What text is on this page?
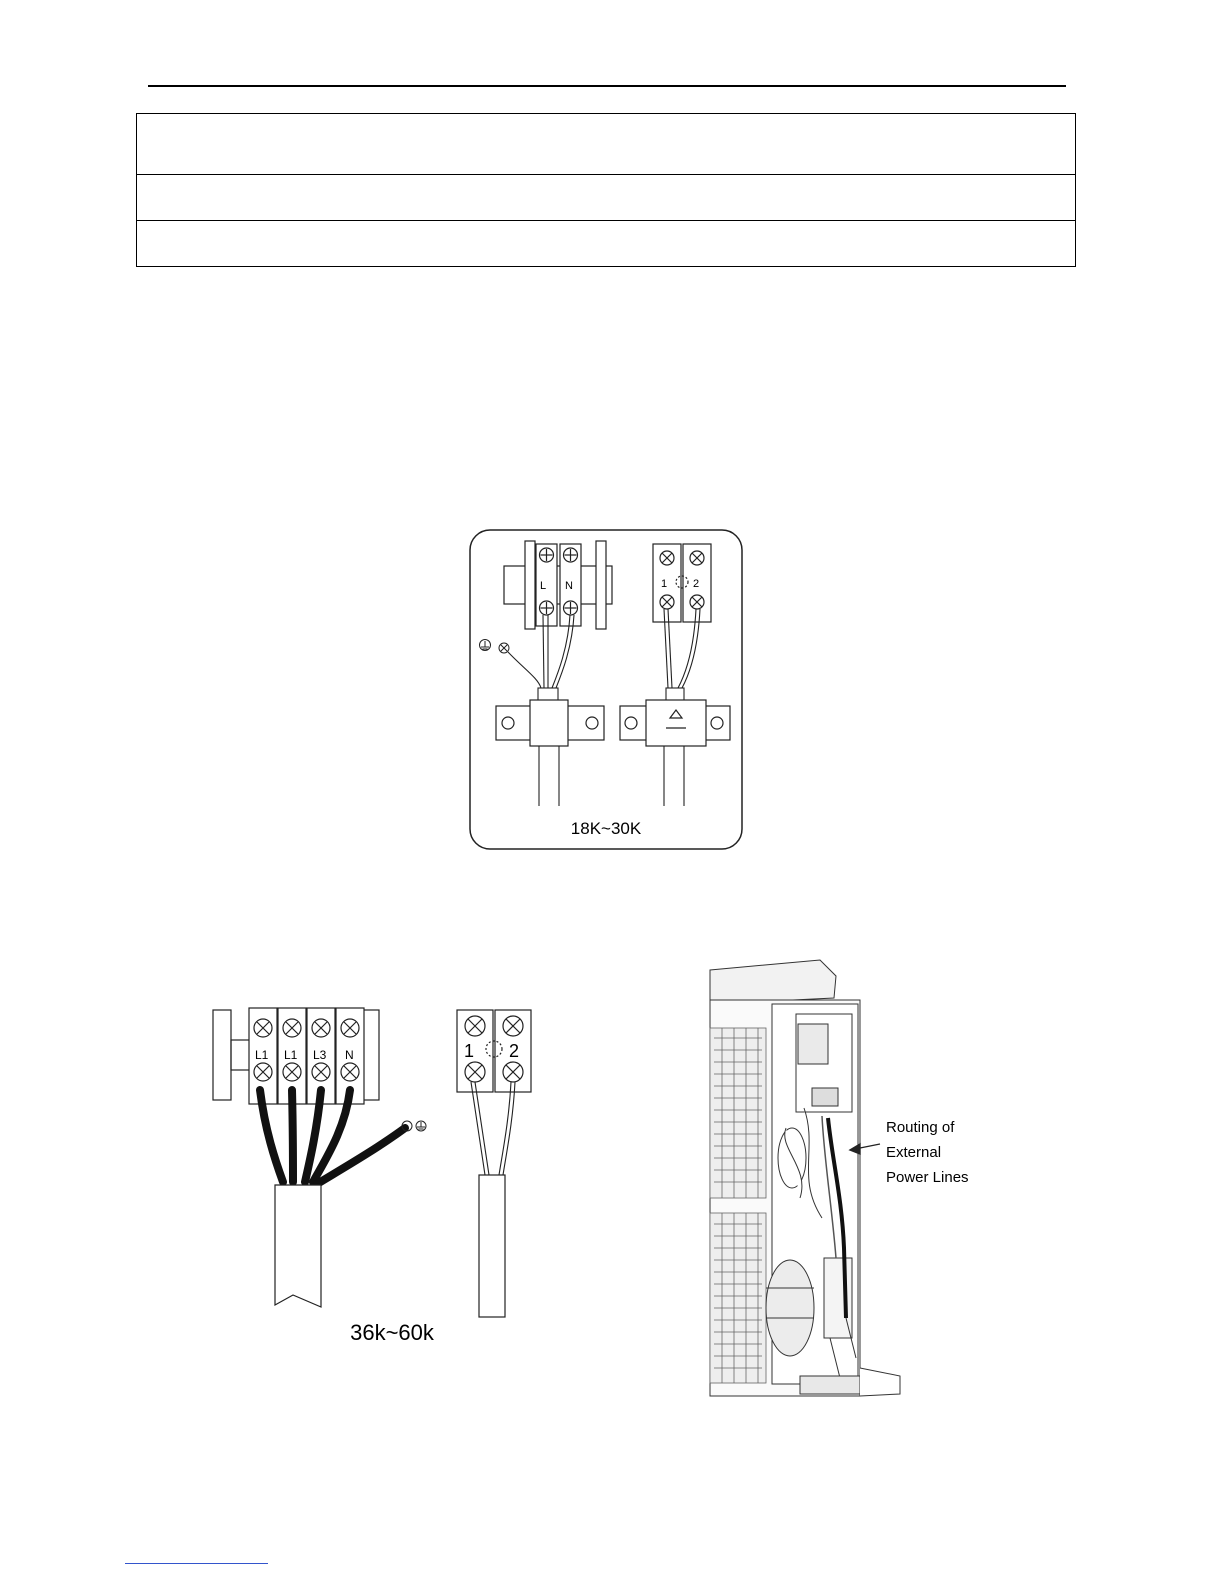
L N	1 2
18K~30K
L1 L1 L3 N	1 2
36k~60k
Routing of
External
Power Lines
